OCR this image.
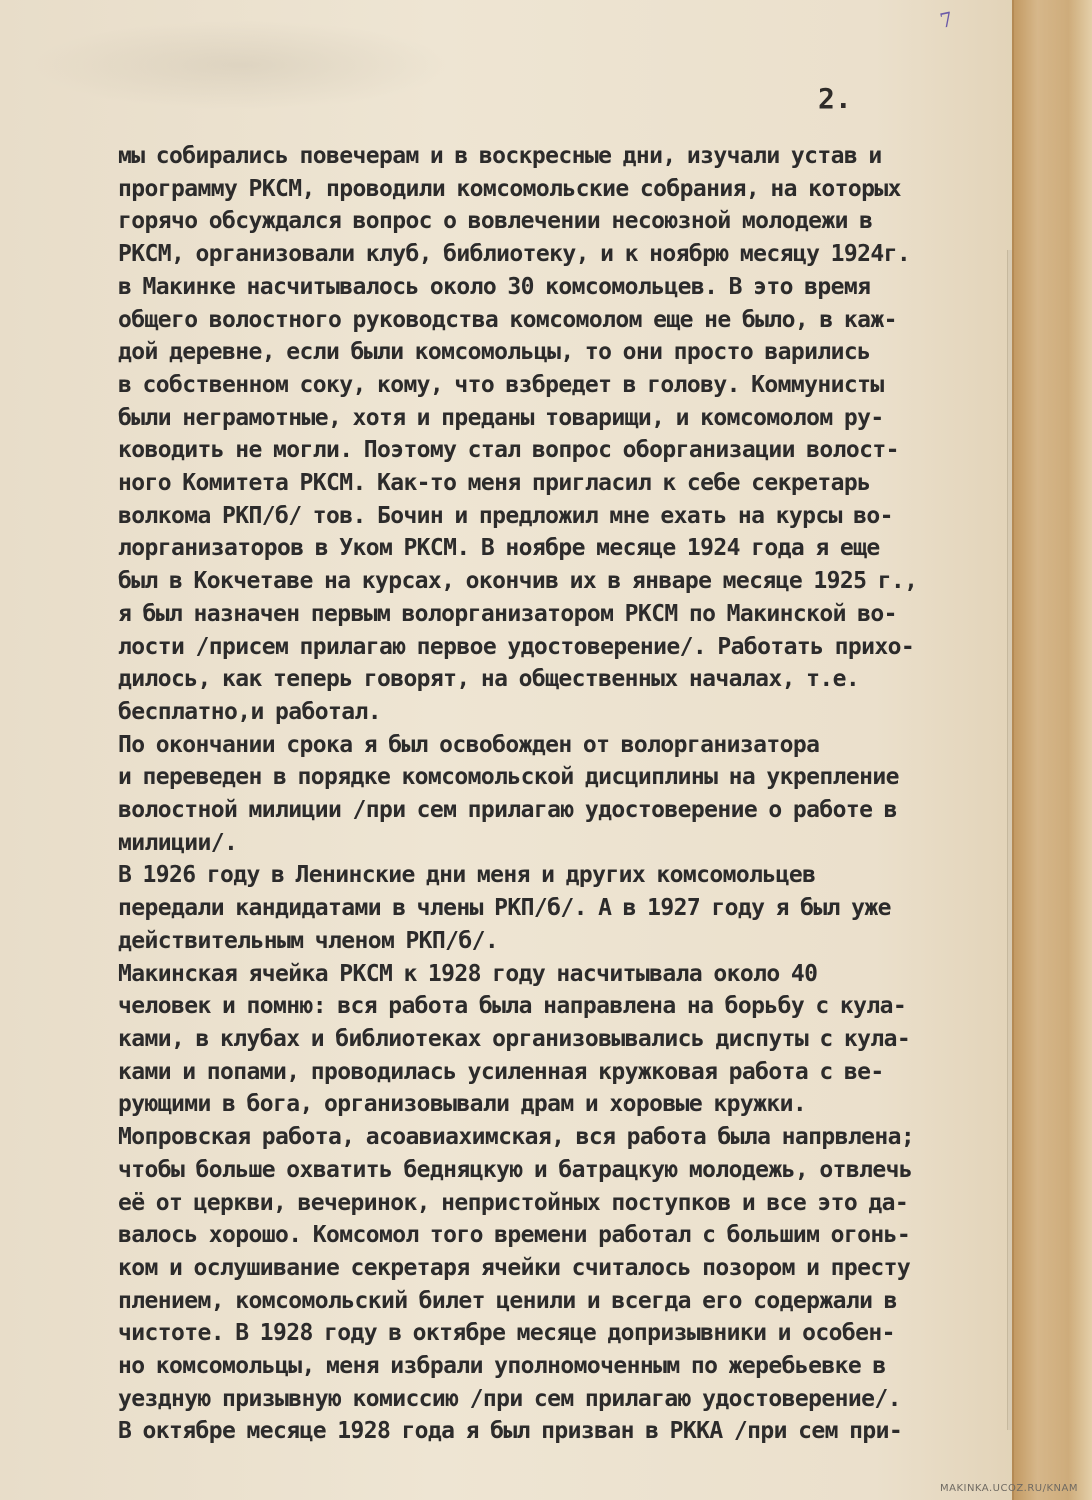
7
2.
мы собирались повечерам и в воскресные дни, изучали устав и
программу РКСМ, проводили комсомольские собрания, на которых
горячо обсуждался вопрос о вовлечении несоюзной молодежи в
РКСМ, организовали клуб, библиотеку, и к ноябрю месяцу 1924г.
в Макинке насчитывалось около 30 комсомольцев. В это время
общего волостного руководства комсомолом еще не было, в каж-
дой деревне, если были комсомольцы, то они просто варились
в собственном соку, кому, что взбредет в голову. Коммунисты
были неграмотные, хотя и преданы товарищи, и комсомолом ру-
ководить не могли. Поэтому стал вопрос оборганизации волост-
ного Комитета РКСМ. Как-то меня пригласил к себе секретарь
волкома РКП/б/ тов. Бочин и предложил мне ехать на курсы во-
лорганизаторов в Уком РКСМ. В ноябре месяце 1924 года я еще
был в Кокчетаве на курсах, окончив их в январе месяце 1925 г.,
я был назначен первым волорганизатором РКСМ по Макинской во-
лости /присем прилагаю первое удостоверение/. Работать прихо-
дилось, как теперь говорят, на общественных началах, т.е.
бесплатно,и работал.
По окончании срока я был освобожден от волорганизатора
и переведен в порядке комсомольской дисциплины на укрепление
волостной милиции /при сем прилагаю удостоверение о работе в
милиции/.
В 1926 году в Ленинские дни меня и других комсомольцев
передали кандидатами в члены РКП/б/. А в 1927 году я был уже
действительным членом РКП/б/.
Макинская ячейка РКСМ к 1928 году насчитывала около 40
человек и помню: вся работа была направлена на борьбу с кула-
ками, в клубах и библиотеках организовывались диспуты с кула-
ками и попами, проводилась усиленная кружковая работа с ве-
рующими в бога, организовывали драм и хоровые кружки.
Мопровская работа, асоавиахимская, вся работа была напрвлена;
чтобы больше охватить бедняцкую и батрацкую молодежь, отвлечь
её от церкви, вечеринок, непристойных поступков и все это да-
валось хорошо. Комсомол того времени работал с большим огонь-
ком и ослушивание секретаря ячейки считалось позором и престу
плением, комсомольский билет ценили и всегда его содержали в
чистоте. В 1928 году в октябре месяце допризывники и особен-
но комсомольцы, меня избрали уполномоченным по жеребьевке в
уездную призывную комиссию /при сем прилагаю удостоверение/.
В октябре месяце 1928 года я был призван в РККА /при сем при-
MAKINKA.UCOZ.RU/KNAM
